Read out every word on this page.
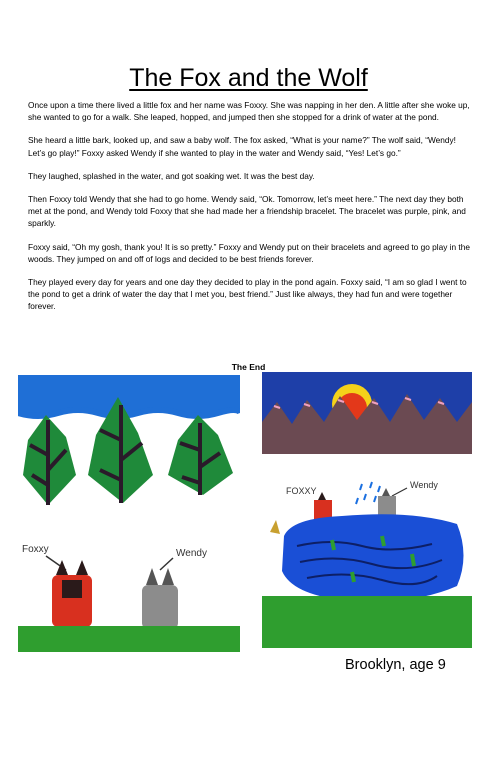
The Fox and the Wolf

Once upon a time there lived a little fox and her name was Foxxy. She was napping in her den. A little after she woke up, she wanted to go for a walk. She leaped, hopped, and jumped then she stopped for a drink of water at the pond.

She heard a little bark, looked up, and saw a baby wolf. The fox asked, “What is your name?” The wolf said, “Wendy! Let’s go play!” Foxxy asked Wendy if she wanted to play in the water and Wendy said, “Yes! Let’s go.”

They laughed, splashed in the water, and got soaking wet. It was the best day.

Then Foxxy told Wendy that she had to go home. Wendy said, “Ok. Tomorrow, let’s meet here.” The next day they both met at the pond, and Wendy told Foxxy that she had made her a friendship bracelet. The bracelet was purple, pink, and sparkly.

Foxxy said, “Oh my gosh, thank you! It is so pretty.” Foxxy and Wendy put on their bracelets and agreed to go play in the woods. They jumped on and off of logs and decided to be best friends forever.

They played every day for years and one day they decided to play in the pond again. Foxxy said, “I am so glad I went to the pond to get a drink of water the day that I met you, best friend.” Just like always, they had fun and were together forever.

The End
Foxxy	Wendy
FOXXY
Wendy
Brooklyn, age 9
